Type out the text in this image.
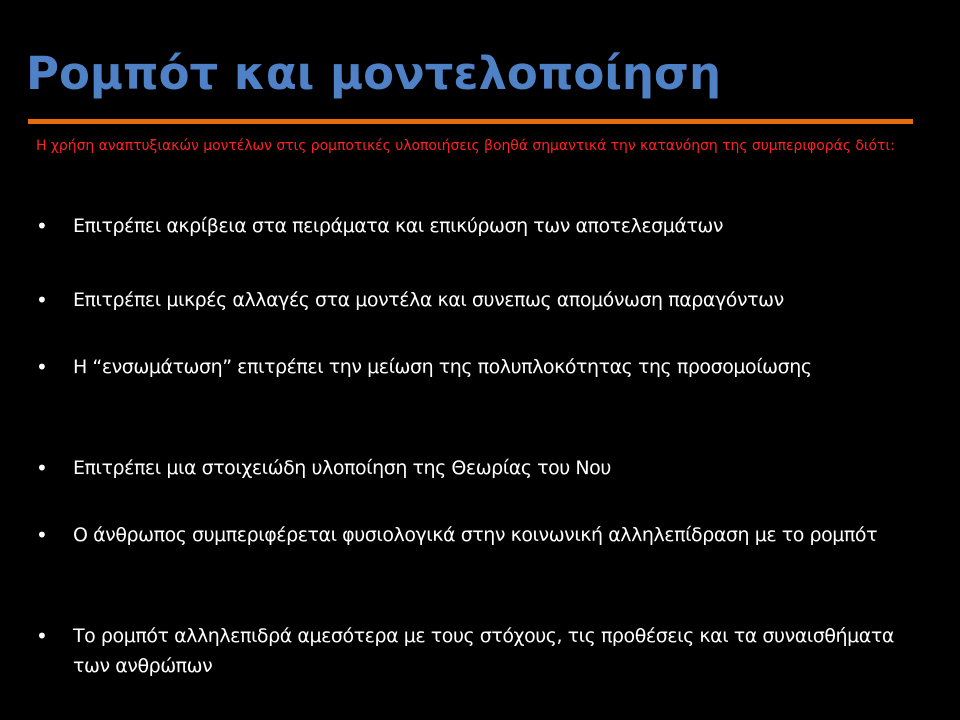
Ρομπότ και μοντελοποίηση

Η χρήση αναπτυξιακών μοντέλων στις ρομποτικές υλοποιήσεις βοηθά σημαντικά την κατανόηση της συμπεριφοράς διότι:

• Επιτρέπει ακρίβεια στα πειράματα και επικύρωση των αποτελεσμάτων
• Επιτρέπει μικρές αλλαγές στα μοντέλα και συνεπως απομόνωση παραγόντων
• Η “ενσωμάτωση” επιτρέπει την μείωση της πολυπλοκότητας της προσομοίωσης
• Επιτρέπει μια στοιχειώδη υλοποίηση της Θεωρίας του Νου
• Ο άνθρωπος συμπεριφέρεται φυσιολογικά στην κοινωνική αλληλεπίδραση με το ρομπότ
• Το ρομπότ αλληλεπιδρά αμεσότερα με τους στόχους, τις προθέσεις και τα συναισθήματα των ανθρώπων
